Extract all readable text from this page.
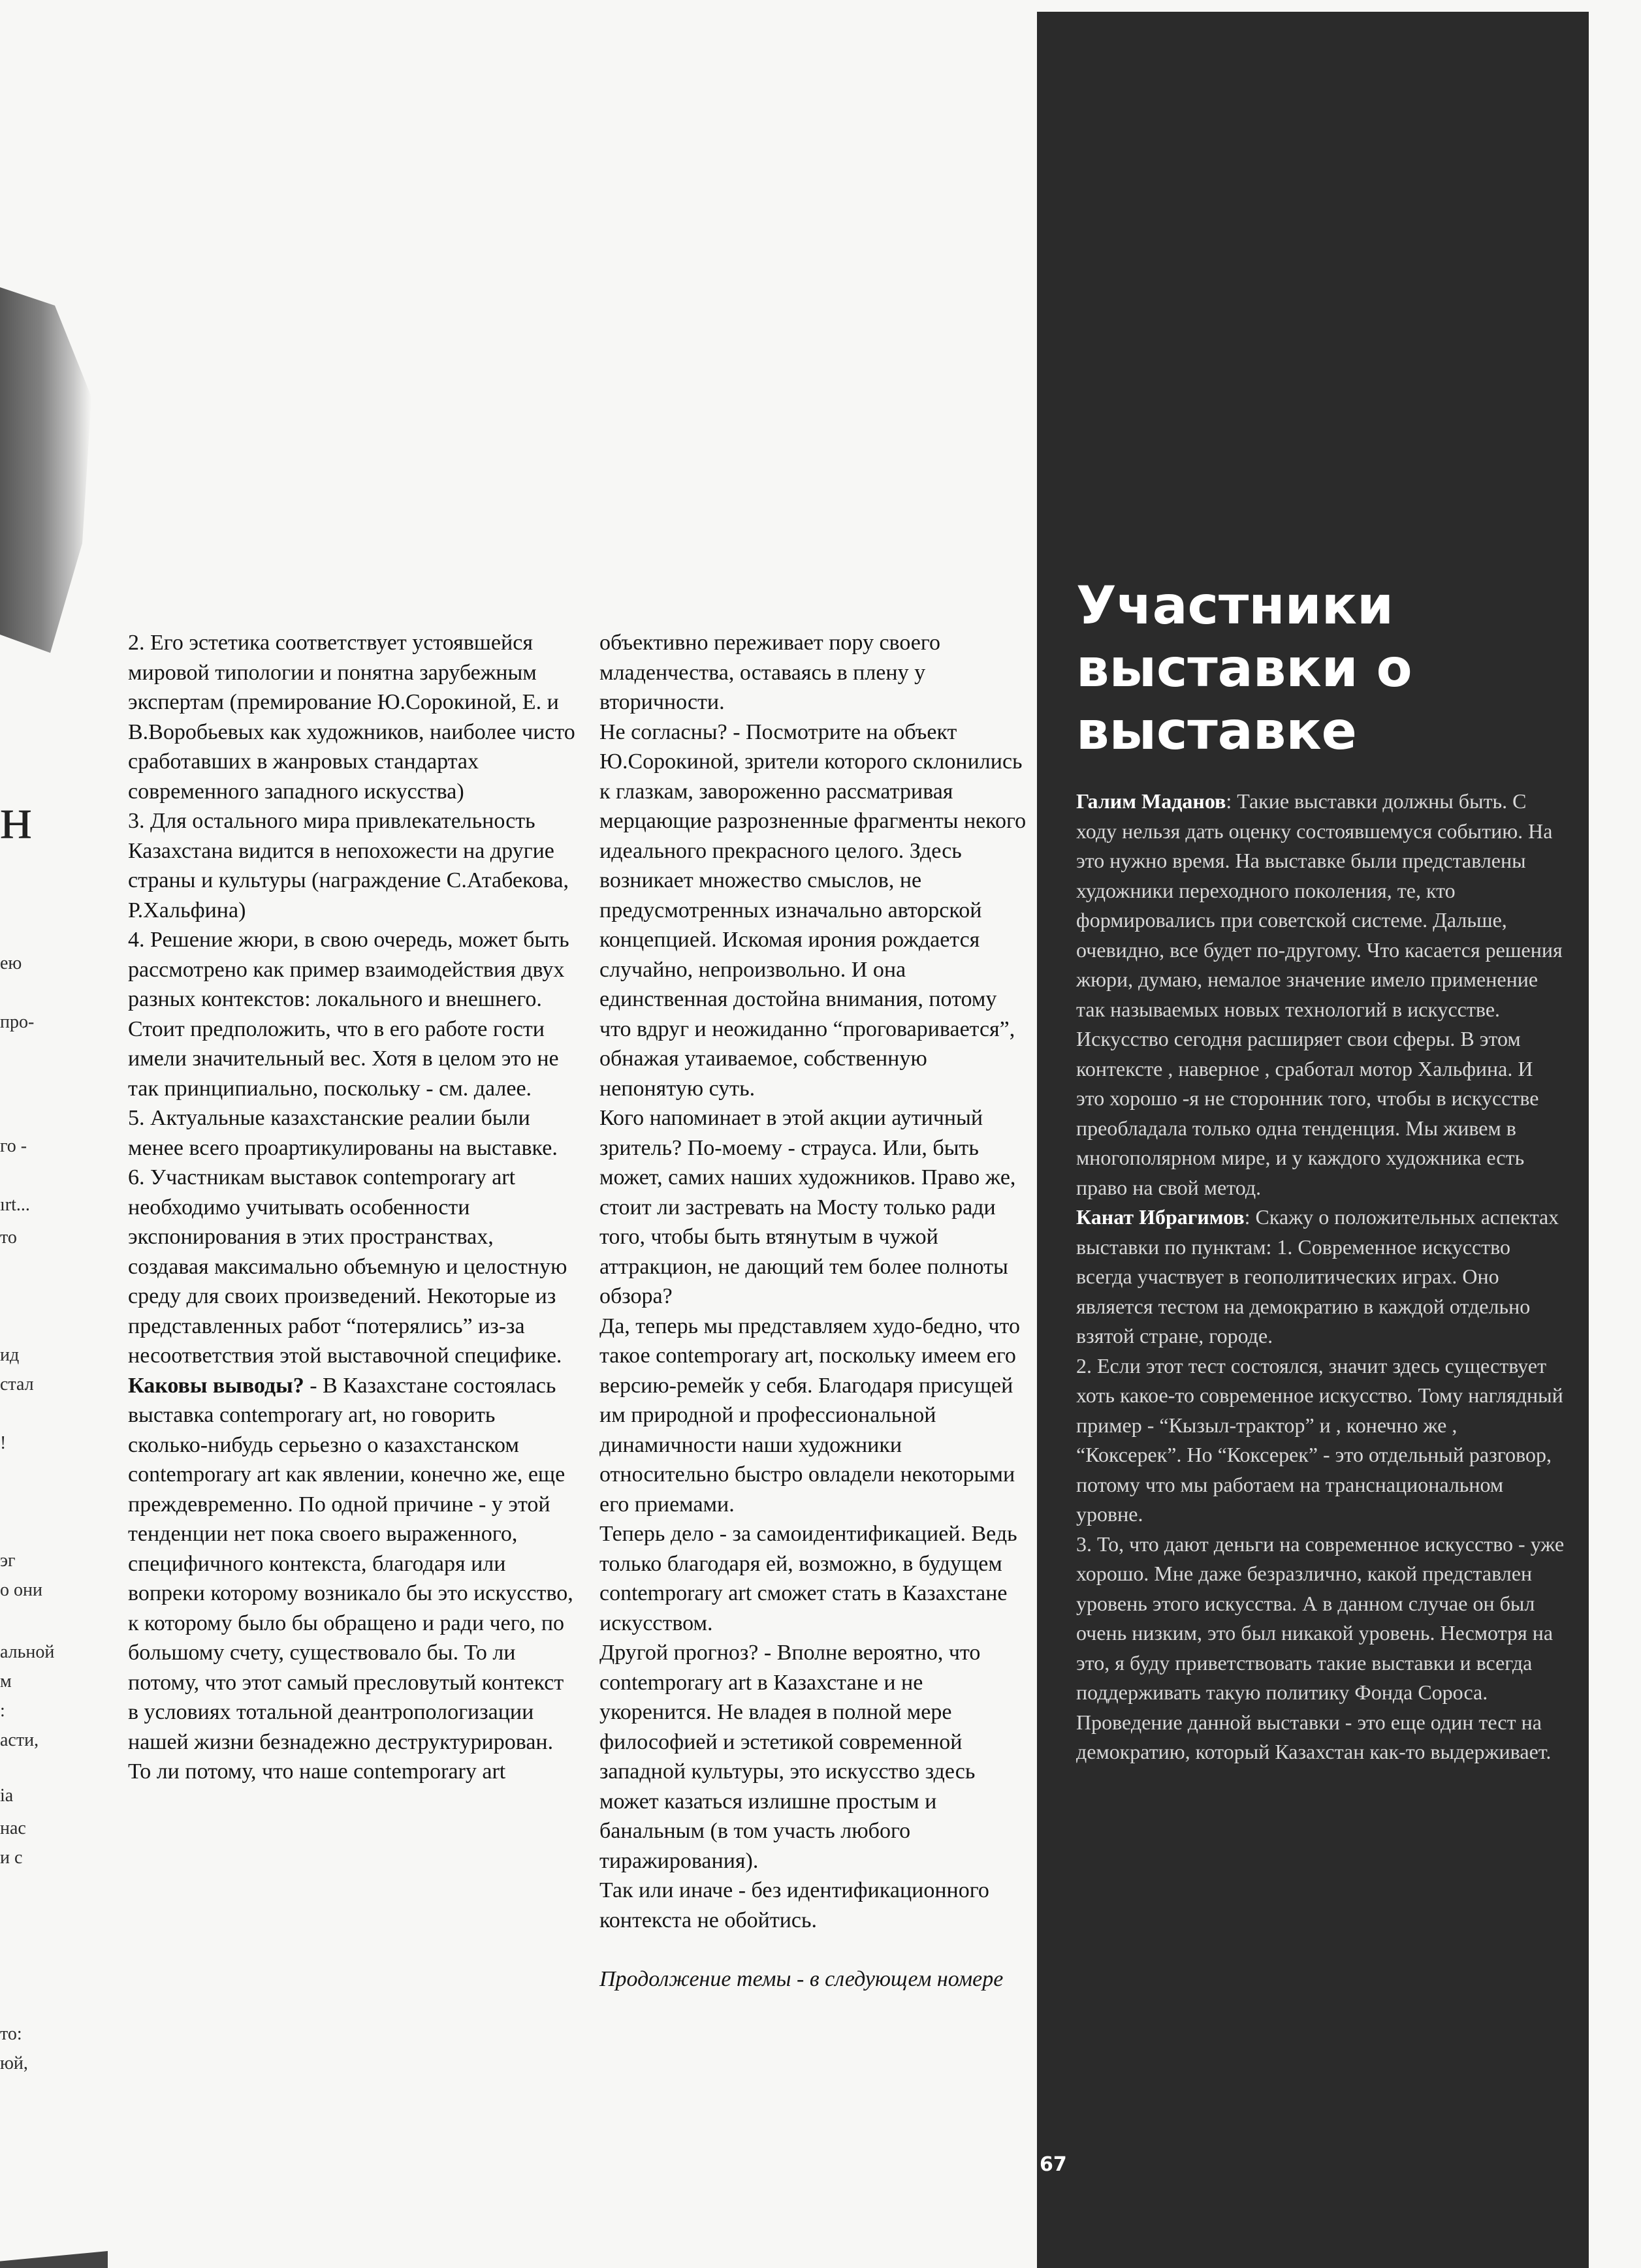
н
ею
про-
го -
ırt...
то
ид
стал
!
эг
о они
альной
м
:
асти,
іа
нас
и с
то:
юй,

2. Его эстетика соответствует устоявшейся мировой типологии и понятна зарубежным экспертам (премирование Ю.Сорокиной, Е. и В.Воробьевых как художников, наиболее чисто сработавших в жанровых стандартах современного западного искусства)

3. Для остального мира привлекательность Казахстана видится в непохожести на другие страны и культуры (награждение С.Атабекова, Р.Хальфина)

4. Решение жюри, в свою очередь, может быть рассмотрено как пример взаимодействия двух разных контекстов: локального и внешнего.

Стоит предположить, что в его работе гости имели значительный вес. Хотя в целом это не так принципиально, поскольку - см. далее.

5. Актуальные казахстанские реалии были менее всего проартикулированы на выставке.

6. Участникам выставок contemporary art необходимо учитывать особенности экспонирования в этих пространствах, создавая максимально объемную и целостную среду для своих произведений. Некоторые из представленных работ “потерялись” из-за несоответствия этой выставочной специфике.

Каковы выводы? - В Казахстане состоялась выставка contemporary art, но говорить сколько-нибудь серьезно о казахстанском contemporary art как явлении, конечно же, еще преждевременно. По одной причине - у этой тенденции нет пока своего выраженного, специфичного контекста, благодаря или вопреки которому возникало бы это искусство, к которому было бы обращено и ради чего, по большому счету, существовало бы. То ли потому, что этот самый пресловутый контекст в условиях тотальной деантропологизации нашей жизни безнадежно деструктурирован. То ли потому, что наше contemporary art

объективно переживает пору своего младенчества, оставаясь в плену у вторичности.

Не согласны? - Посмотрите на объект Ю.Сорокиной, зрители которого склонились к глазкам, завороженно рассматривая мерцающие разрозненные фрагменты некого идеального прекрасного целого. Здесь возникает множество смыслов, не предусмотренных изначально авторской концепцией. Искомая ирония рождается случайно, непроизвольно. И она единственная достойна внимания, потому что вдруг и неожиданно “проговаривается”, обнажая утаиваемое, собственную непонятую суть.

Кого напоминает в этой акции аутичный зритель? По-моему - страуса. Или, быть может, самих наших художников. Право же, стоит ли застревать на Мосту только ради того, чтобы быть втянутым в чужой аттракцион, не дающий тем более полноты обзора?

Да, теперь мы представляем худо-бедно, что такое contemporary art, поскольку имеем его версию-ремейк у себя. Благодаря присущей им природной и профессиональной динамичности наши художники относительно быстро овладели некоторыми его приемами.

Теперь дело - за самоидентификацией. Ведь только благодаря ей, возможно, в будущем contemporary art сможет стать в Казахстане искусством.

Другой прогноз? - Вполне вероятно, что contemporary art в Казахстане и не укоренится. Не владея в полной мере философией и эстетикой современной западной культуры, это искусство здесь может казаться излишне простым и банальным (в том участь любого тиражирования).

Так или иначе - без идентификационного контекста не обойтись.

Продолжение темы - в следующем номере

Участники
выставки о
выставке

Галим Маданов: Такие выставки должны быть. С ходу нельзя дать оценку состоявшемуся событию. На это нужно время. На выставке были представлены художники переходного поколения, те, кто формировались при советской системе. Дальше, очевидно, все будет по-другому. Что касается решения жюри, думаю, немалое значение имело применение так называемых новых технологий в искусстве. Искусство сегодня расширяет свои сферы. В этом контексте , наверное , сработал мотор Хальфина. И это хорошо -я не сторонник того, чтобы в искусстве преобладала только одна тенденция. Мы живем в многополярном мире, и у каждого художника есть право на свой метод.

Канат Ибрагимов: Скажу о положительных аспектах выставки по пунктам: 1. Современное искусство всегда участвует в геополитических играх. Оно является тестом на демократию в каждой отдельно взятой стране, городе.

2. Если этот тест состоялся, значит здесь существует хоть какое-то современное искусство. Тому наглядный пример - “Кызыл-трактор” и , конечно же , “Коксерек”. Но “Коксерек” - это отдельный разговор, потому что мы работаем на транснациональном уровне.

3. То, что дают деньги на современное искусство - уже хорошо. Мне даже безразлично, какой представлен уровень этого искусства. А в данном случае он был очень низким, это был никакой уровень. Несмотря на это, я буду приветствовать такие выставки и всегда поддерживать такую политику Фонда Сороса.

Проведение данной выставки - это еще один тест на демократию, который Казахстан как-то выдерживает.

67
